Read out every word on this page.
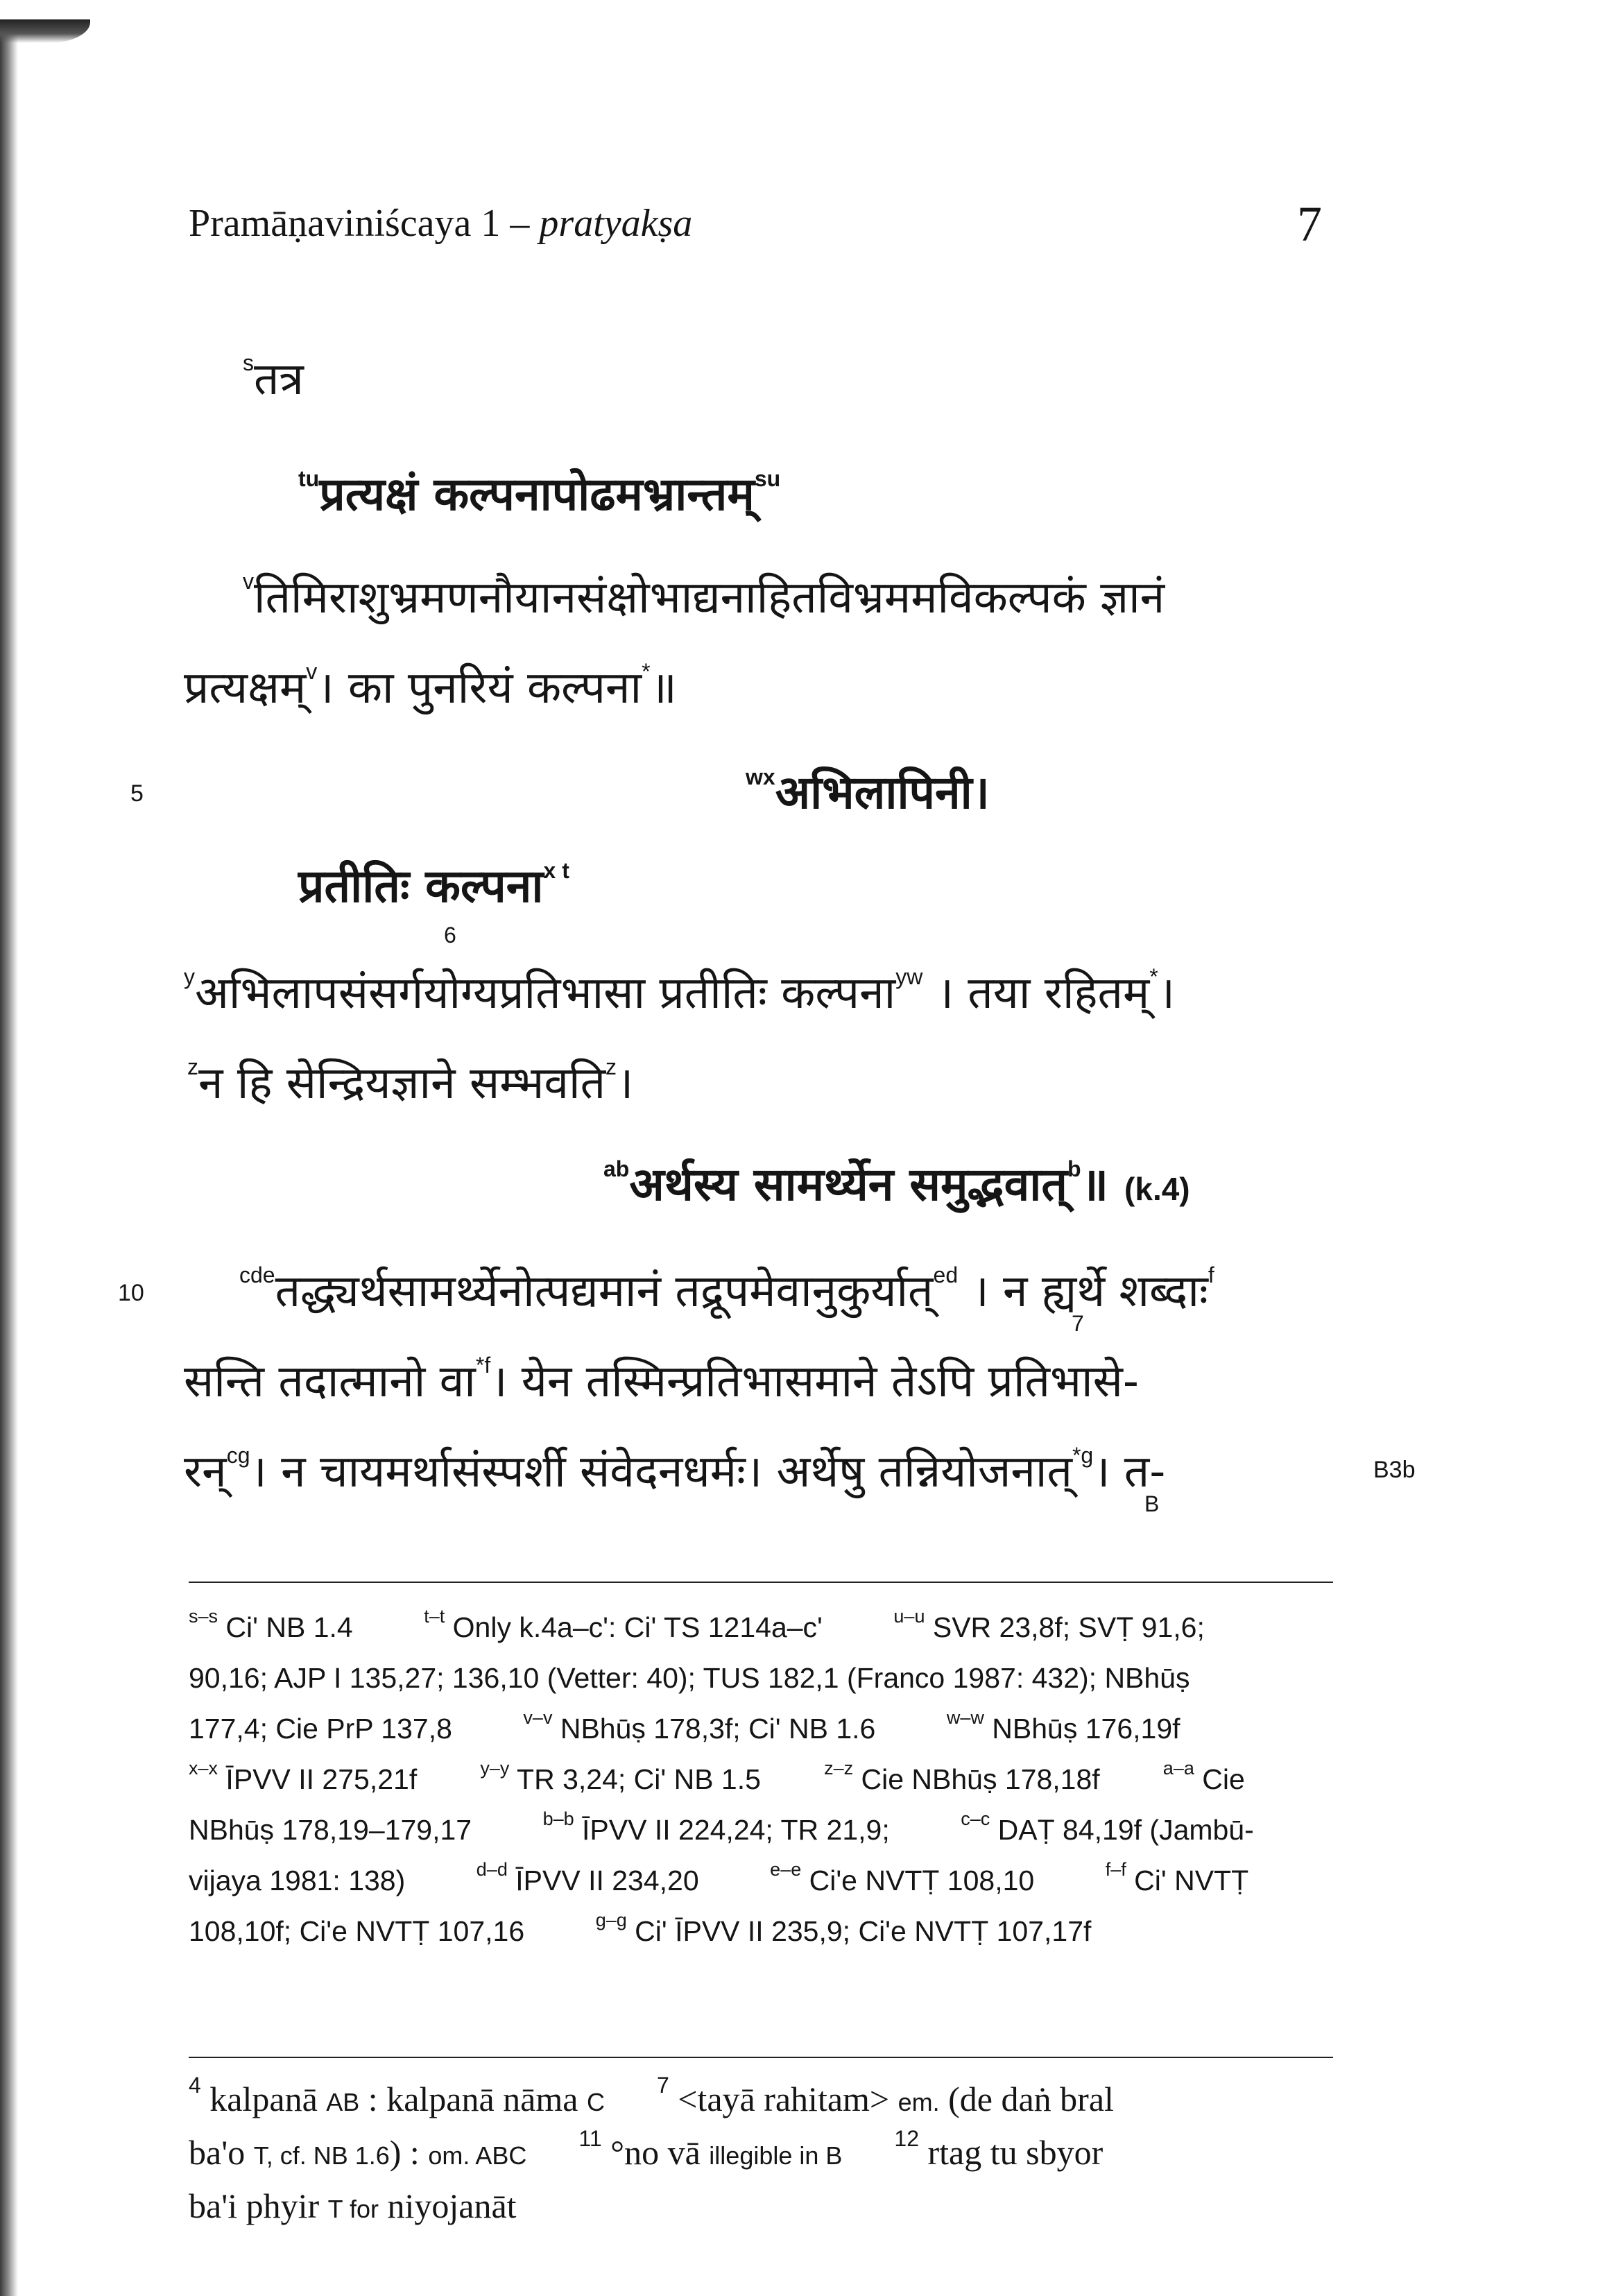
Pramāṇaviniścaya 1 – pratyakṣa	7
5
10
$^s$तत्र
$^{tu}$प्रत्यक्षं कल्पनापोढमभ्रान्तम्$^{su}$
$^v$तिमिराशुभ्रमणनौयानसंक्षोभाद्यनाहितविभ्रममविकल्पकं ज्ञानं
प्रत्यक्षम्$^v$। का पुनरियं कल्पना*॥
$^{wx}$अभिलापिनी।
प्रतीतिः कल्पना$^{x t}$
6
$^y$अभिलापसंसर्गयोग्यप्रतिभासा प्रतीतिः कल्पना$^{yw}$ । तया रहितम्*।
$^z$न हि सेन्द्रियज्ञाने सम्भवति$^z$।
$^{ab}$अर्थस्य सामर्थ्येन समुद्भवात्$^b$॥ (k.4)
$^{cde}$तद्ध्यर्थसामर्थ्येनोत्पद्यमानं तद्रूपमेवानुकुर्यात्$^{ed}$ । न ह्यर्थे शब्दाः$^f$
7
सन्ति तदात्मानो वा$^{*f}$। येन तस्मिन्प्रतिभासमाने तेऽपि प्रतिभासे-
रन्$^{cg}$। न चायमर्थासंस्पर्शी संवेदनधर्मः। अर्थेषु तन्नियोजनात्$^{*g}$। त-
B
B3b

$^{s-s}$ Ci' NB 1.4         $^{t-t}$ Only k.4a–c': Ci' TS 1214a–c'         $^{u-u}$ SVR 23,8f; SVṬ 91,6;

90,16; AJP I 135,27; 136,10 (Vetter: 40); TUS 182,1 (Franco 1987: 432); NBhūṣ

177,4; Cie PrP 137,8         $^{v-v}$ NBhūṣ 178,3f; Ci' NB 1.6         $^{w-w}$ NBhūṣ 176,19f

$^{x-x}$ ĪPVV II 275,21f        $^{y-y}$ TR 3,24; Ci' NB 1.5        $^{z-z}$ Cie NBhūṣ 178,18f        $^{a-a}$ Cie

NBhūṣ 178,19–179,17         $^{b-b}$ ĪPVV II 224,24; TR 21,9;         $^{c-c}$ DAṬ 84,19f (Jambū-

vijaya 1981: 138)         $^{d-d}$ ĪPVV II 234,20         $^{e-e}$ Ci'e NVTṬ 108,10         $^{f-f}$ Ci' NVTṬ

108,10f; Ci'e NVTṬ 107,16         $^{g-g}$ Ci' ĪPVV II 235,9; Ci'e NVTṬ 107,17f

$^4$ kalpanā AB : kalpanā nāma C      $^7$ <tayā rahitam> em. (de daṅ bral

ba'o T, cf. NB 1.6) : om. ABC      $^{11}$ °no vā illegible in B      $^{12}$ rtag tu sbyor

ba'i phyir T for niyojanāt
